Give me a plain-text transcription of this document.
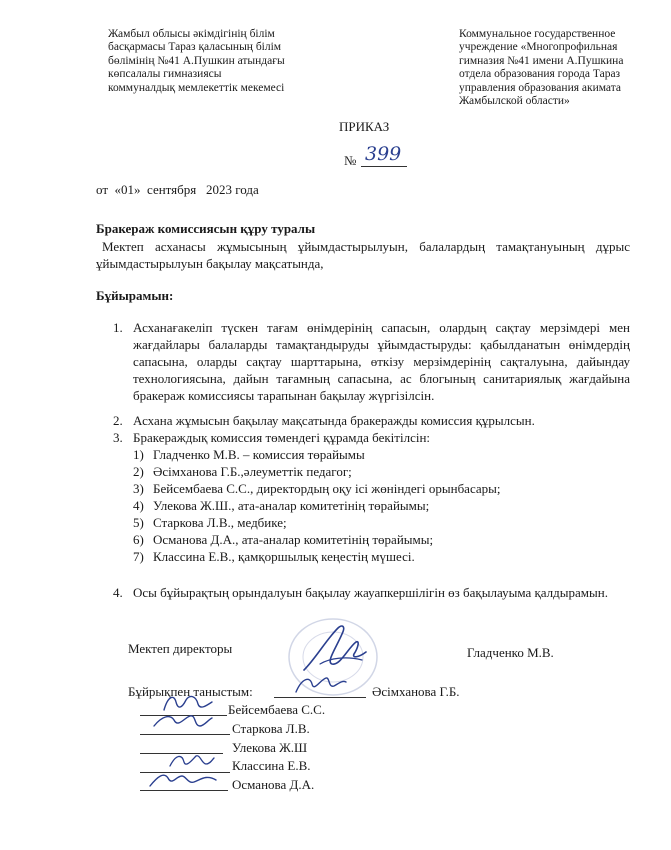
Жамбыл облысы әкімдігінің білім
басқармасы Тараз қаласының білім
бөлімінің №41 А.Пушкин атындағы
көпсалалы гимназиясы
коммуналдық мемлекеттік мекемесі
Коммунальное государственное
учреждение «Многопрофильная
гимназия №41 имени А.Пушкина
отдела образования города Тараз
управления образования акимата
Жамбылской области»
ПРИКАЗ
№ 399
от  «01»  сентября   2023 года
Бракераж комиссиясын құру туралы
Мектеп асханасы жұмысының ұйымдастырылуын, балалардың тамақтануының дұрыс ұйымдастырылуын бақылау мақсатында,
Бұйырамын:
1. Асханағакеліп түскен тағам өнімдерінің сапасын, олардың сақтау мерзімдері мен жағдайлары балаларды тамақтандыруды ұйымдастыруды: қабылданатын өнімдердің сапасына, оларды сақтау шарттарына, өткізу мерзімдерінің сақталуына, дайындау технологиясына, дайын тағамның сапасына, ас блогының санитариялық жағдайына бракераж комиссиясы тарапынан бақылау жүргізілсін.
2. Асхана жұмысын бақылау мақсатында бракеражды комиссия құрылсын.
3. Бракераждық комиссия төмендегі құрамда бекітілсін:
1) Гладченко М.В. – комиссия төрайымы
2) Әсімханова Г.Б.,әлеуметтік педагог;
3) Бейсембаева С.С., директордың оқу ісі жөніндегі орынбасары;
4) Улекова Ж.Ш., ата-аналар комитетінің төрайымы;
5) Старкова Л.В., медбике;
6) Османова Д.А., ата-аналар комитетінің төрайымы;
7) Классина Е.В., қамқоршылық кеңестің мүшесі.
4. Осы бұйырақтың орындалуын бақылау жауапкершілігін өз бақылауыма қалдырамын.
Мектеп директоры	Гладченко М.В.
Бұйрықпен таныстым:	Әсімханова Г.Б.
Бейсембаева С.С.
Старкова Л.В.
Улекова Ж.Ш
Классина Е.В.
Османова Д.А.
